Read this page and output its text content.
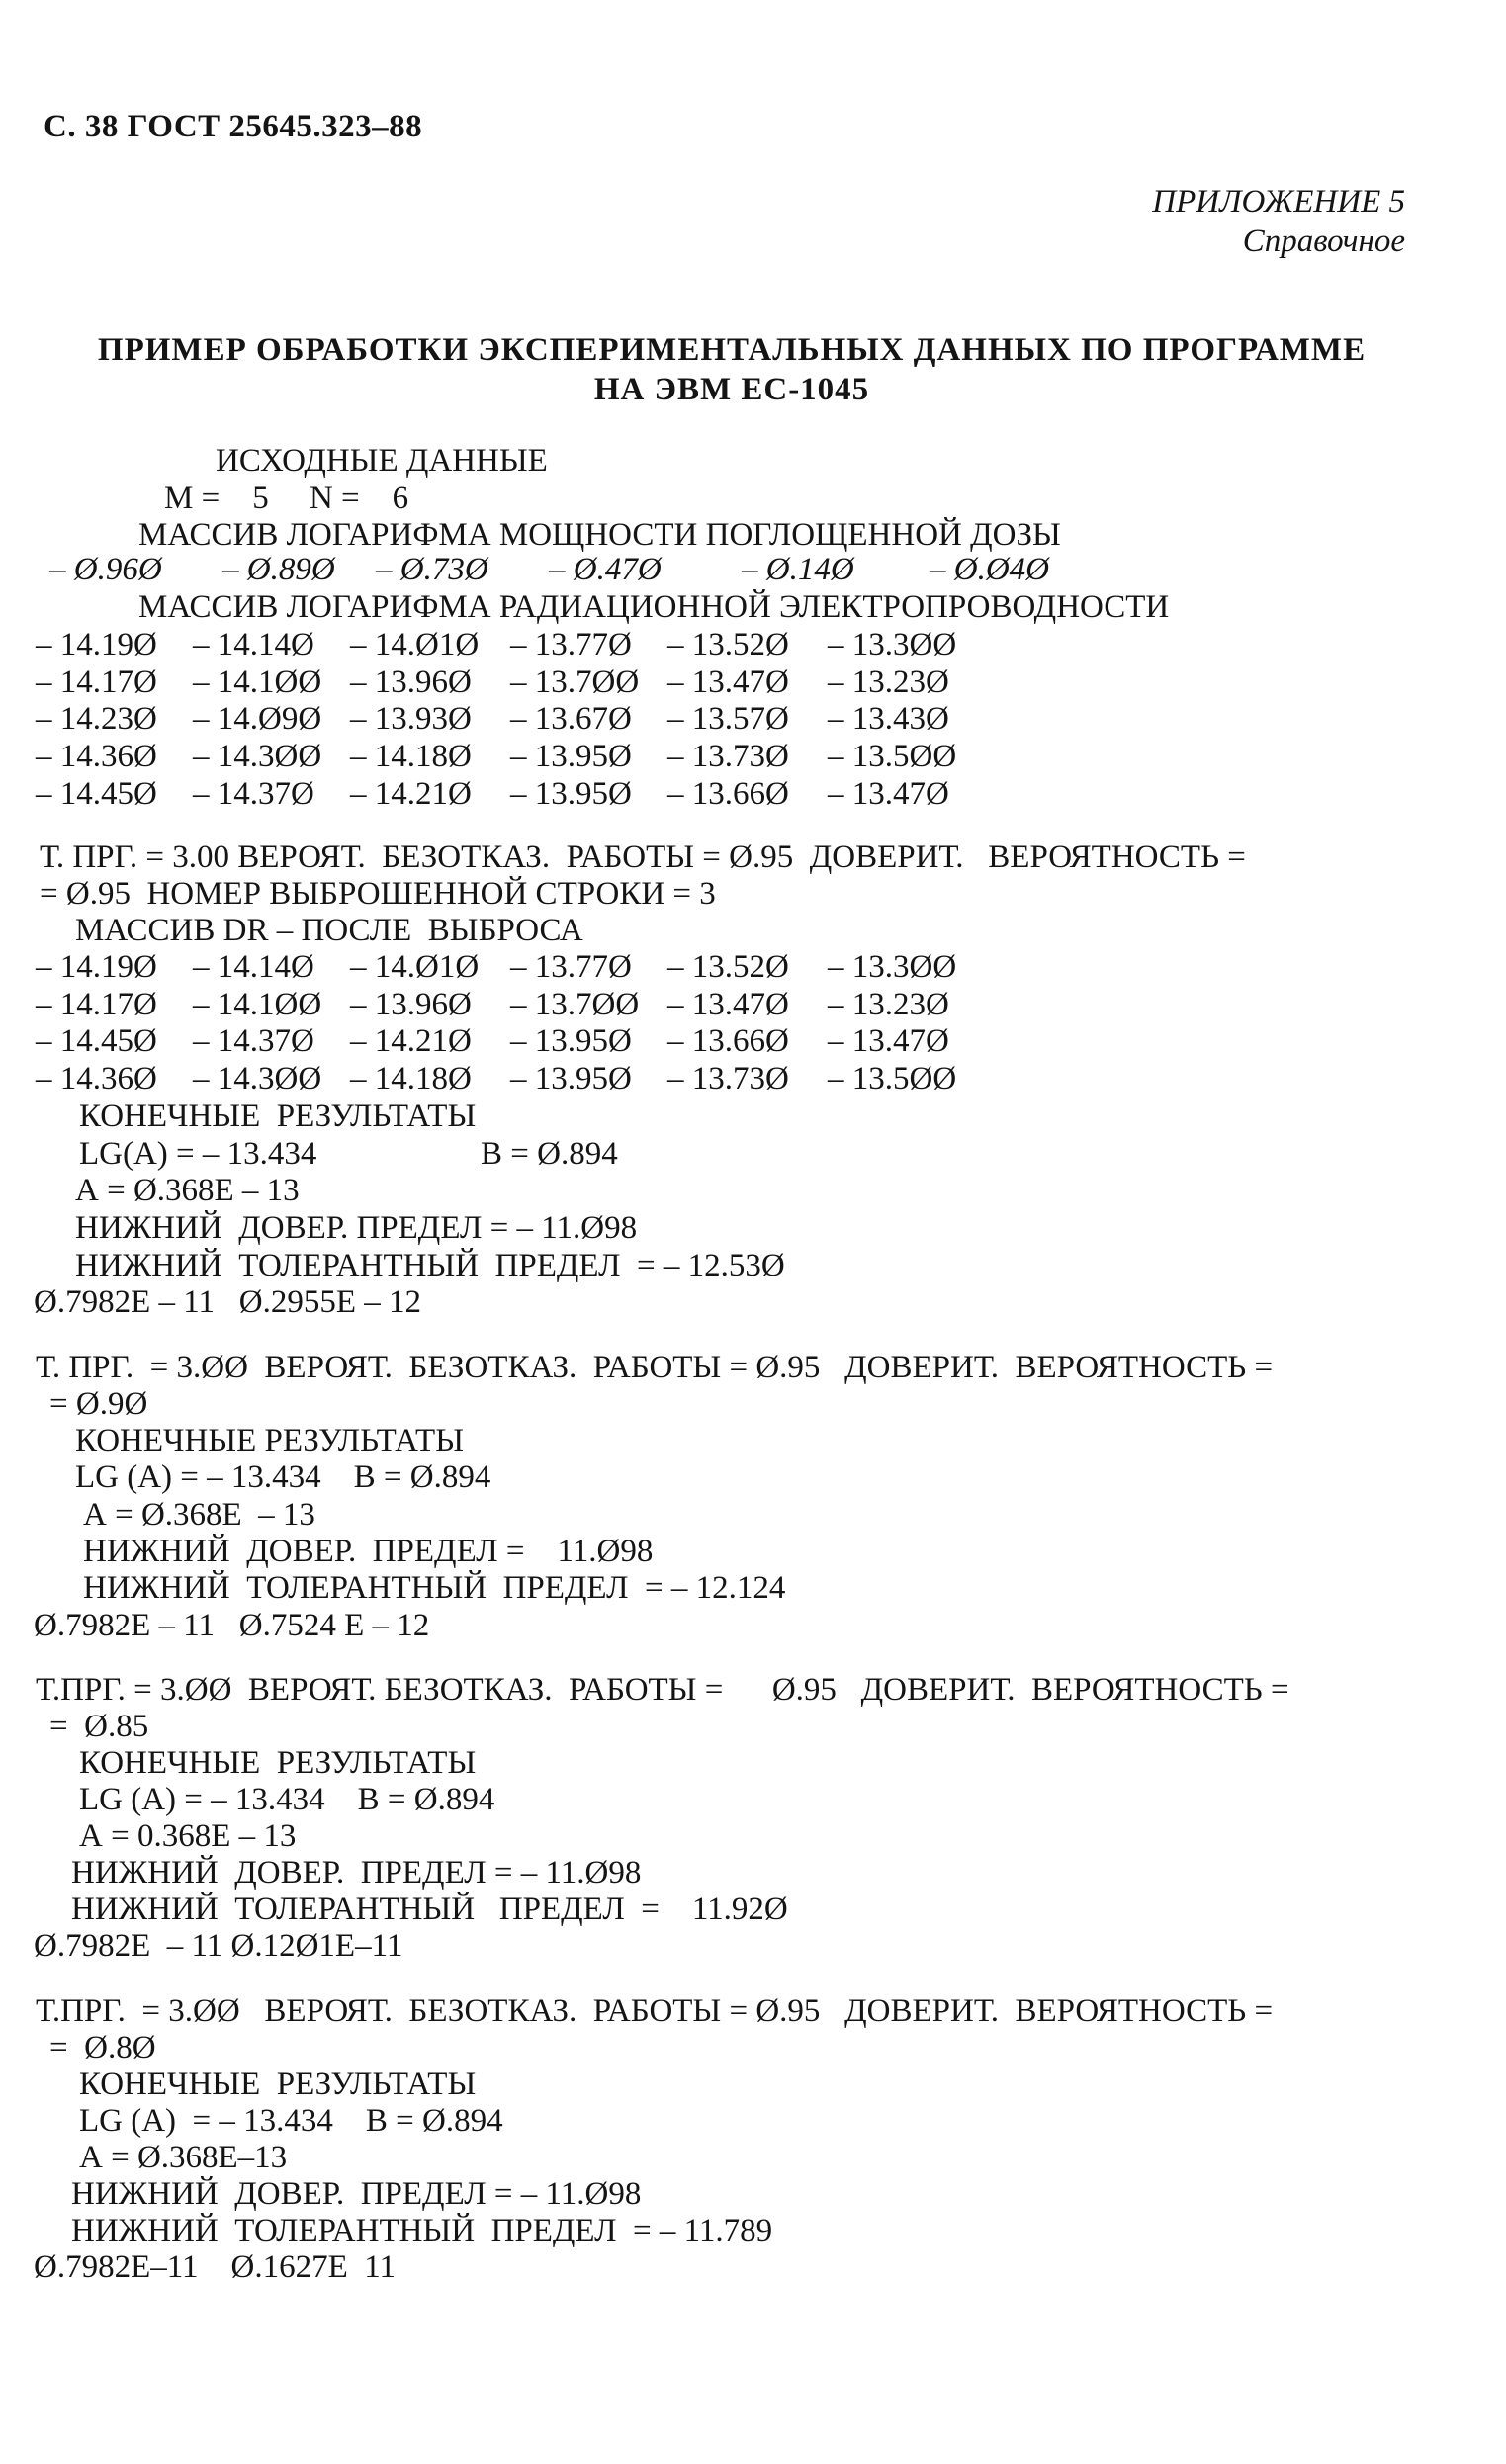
С. 38 ГОСТ 25645.323–88
ПРИЛОЖЕНИЕ 5
Справочное
ПРИМЕР ОБРАБОТКИ ЭКСПЕРИМЕНТАЛЬНЫХ ДАННЫХ ПО ПРОГРАММЕ
НА ЭВМ ЕС-1045
ИСХОДНЫЕ ДАННЫЕ
М =    5     N =    6
МАССИВ ЛОГАРИФМА МОЩНОСТИ ПОГЛОЩЕННОЙ ДОЗЫ
– Ø.96Ø – Ø.89Ø – Ø.73Ø – Ø.47Ø – Ø.14Ø – Ø.Ø4Ø
МАССИВ ЛОГАРИФМА РАДИАЦИОННОЙ ЭЛЕКТРОПРОВОДНОСТИ
– 14.19Ø – 14.14Ø – 14.Ø1Ø – 13.77Ø – 13.52Ø – 13.3ØØ
– 14.17Ø – 14.1ØØ – 13.96Ø – 13.7ØØ – 13.47Ø – 13.23Ø
– 14.23Ø – 14.Ø9Ø – 13.93Ø – 13.67Ø – 13.57Ø – 13.43Ø
– 14.36Ø – 14.3ØØ – 14.18Ø – 13.95Ø – 13.73Ø – 13.5ØØ
– 14.45Ø – 14.37Ø – 14.21Ø – 13.95Ø – 13.66Ø – 13.47Ø
Т. ПРГ. = 3.00 ВЕРОЯТ.  БЕЗОТКАЗ.  РАБОТЫ = Ø.95  ДОВЕРИТ.   ВЕРОЯТНОСТЬ =
= Ø.95  НОМЕР ВЫБРОШЕННОЙ СТРОКИ = 3
МАССИВ DR – ПОСЛЕ  ВЫБРОСА
– 14.19Ø – 14.14Ø – 14.Ø1Ø – 13.77Ø – 13.52Ø – 13.3ØØ
– 14.17Ø – 14.1ØØ – 13.96Ø – 13.7ØØ – 13.47Ø – 13.23Ø
– 14.45Ø – 14.37Ø – 14.21Ø – 13.95Ø – 13.66Ø – 13.47Ø
– 14.36Ø – 14.3ØØ – 14.18Ø – 13.95Ø – 13.73Ø – 13.5ØØ
КОНЕЧНЫЕ  РЕЗУЛЬТАТЫ
LG(A) = – 13.434	В = Ø.894
А = Ø.368Е – 13
НИЖНИЙ  ДОВЕР. ПРЕДЕЛ = – 11.Ø98
НИЖНИЙ  ТОЛЕРАНТНЫЙ  ПРЕДЕЛ  = – 12.53Ø
Ø.7982Е – 11   Ø.2955Е – 12
Т. ПРГ.  = 3.ØØ  ВЕРОЯТ.  БЕЗОТКАЗ.  РАБОТЫ = Ø.95   ДОВЕРИТ.  ВЕРОЯТНОСТЬ =
= Ø.9Ø
КОНЕЧНЫЕ РЕЗУЛЬТАТЫ
LG (A) = – 13.434    В = Ø.894
А = Ø.368Е  – 13
НИЖНИЙ  ДОВЕР.  ПРЕДЕЛ =    11.Ø98
НИЖНИЙ  ТОЛЕРАНТНЫЙ  ПРЕДЕЛ  = – 12.124
Ø.7982Е – 11   Ø.7524 Е – 12
Т.ПРГ. = 3.ØØ  ВЕРОЯТ. БЕЗОТКАЗ.  РАБОТЫ =      Ø.95   ДОВЕРИТ.  ВЕРОЯТНОСТЬ =
=  Ø.85
КОНЕЧНЫЕ  РЕЗУЛЬТАТЫ
LG (A) = – 13.434    В = Ø.894
А = 0.368Е – 13
НИЖНИЙ  ДОВЕР.  ПРЕДЕЛ = – 11.Ø98
НИЖНИЙ  ТОЛЕРАНТНЫЙ   ПРЕДЕЛ  =    11.92Ø
Ø.7982Е  – 11 Ø.12Ø1Е–11
Т.ПРГ.  = 3.ØØ   ВЕРОЯТ.  БЕЗОТКАЗ.  РАБОТЫ = Ø.95   ДОВЕРИТ.  ВЕРОЯТНОСТЬ =
=  Ø.8Ø
КОНЕЧНЫЕ  РЕЗУЛЬТАТЫ
LG (A)  = – 13.434    В = Ø.894
А = Ø.368Е–13
НИЖНИЙ  ДОВЕР.  ПРЕДЕЛ = – 11.Ø98
НИЖНИЙ  ТОЛЕРАНТНЫЙ  ПРЕДЕЛ  = – 11.789
Ø.7982Е–11    Ø.1627Е  11
